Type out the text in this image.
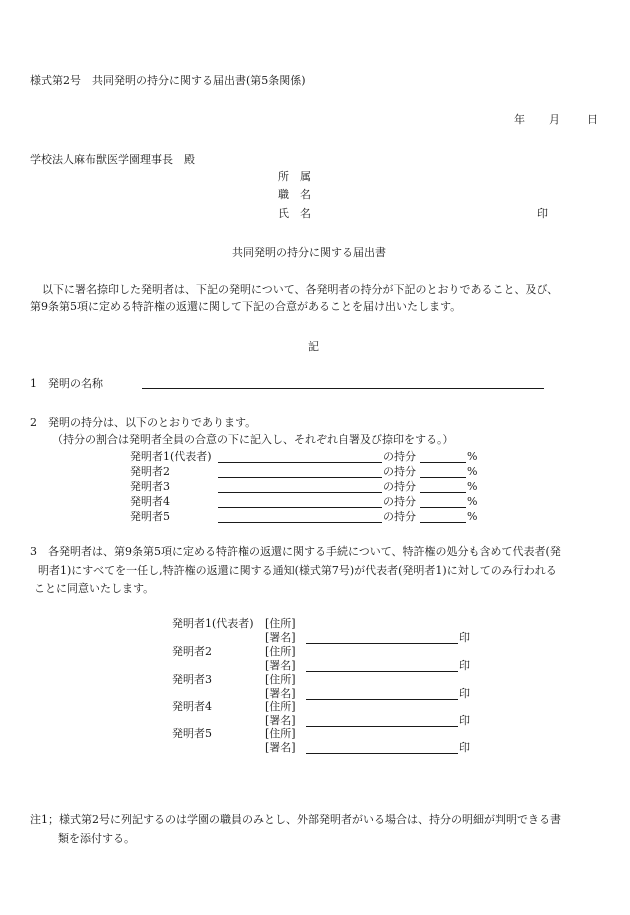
様式第2号　共同発明の持分に関する届出書(第5条関係)
年 月 日
学校法人麻布獣医学園理事長　殿
所　属
職　名
氏　名	印
共同発明の持分に関する届出書
以下に署名捺印した発明者は、下記の発明について、各発明者の持分が下記のとおりであること、及び、
第9条第5項に定める特許権の返還に関して下記の合意があることを届け出いたします。
記
1　発明の名称
2　発明の持分は、以下のとおりであります。
（持分の割合は発明者全員の合意の下に記入し、それぞれ自署及び捺印をする。）
発明者1(代表者)	の持分	%
発明者2	の持分	%
発明者3	の持分	%
発明者4	の持分	%
発明者5	の持分	%
3　各発明者は、第9条第5項に定める特許権の返還に関する手続について、特許権の処分も含めて代表者(発
明者1)にすべてを一任し,特許権の返還に関する通知(様式第7号)が代表者(発明者1)に対してのみ行われる
ことに同意いたします。
発明者1(代表者) [住所]
[署名]	印
発明者2	[住所]
[署名]	印
発明者3	[住所]
[署名]	印
発明者4	[住所]
[署名]	印
発明者5	[住所]
[署名]	印
注1；様式第2号に列記するのは学園の職員のみとし、外部発明者がいる場合は、持分の明細が判明できる書
類を添付する。
